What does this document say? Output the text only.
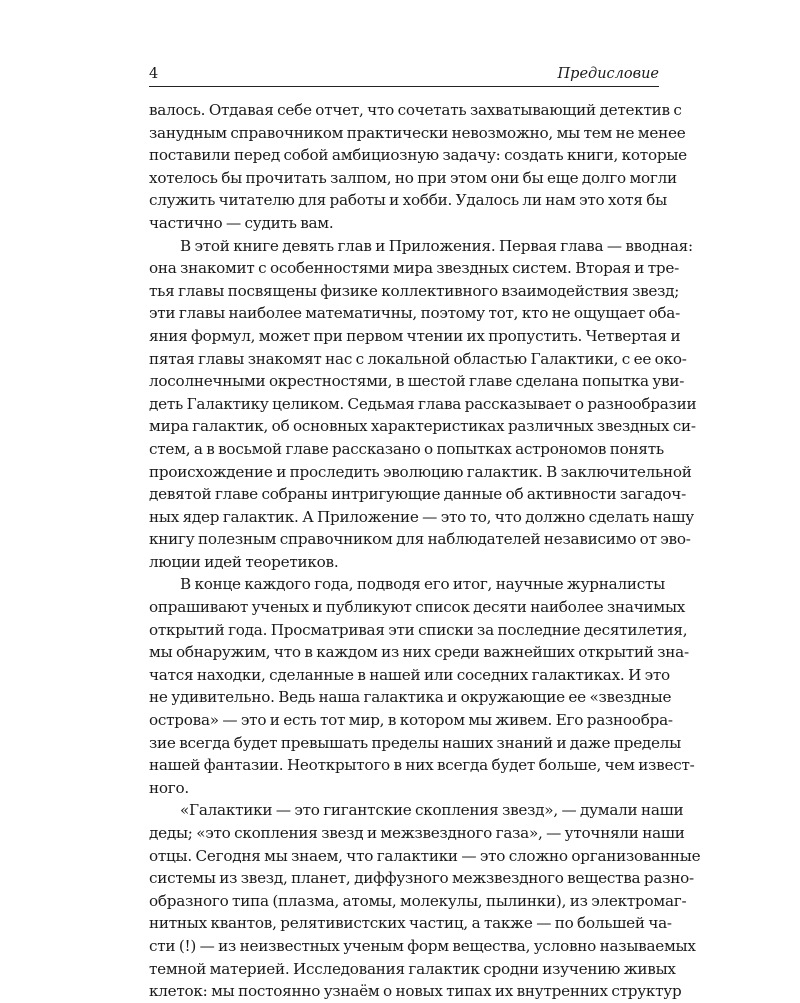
4	Предисловие
валось. Отдавая себе отчет, что сочетать захватывающий детектив с
занудным справочником практически невозможно, мы тем не менее
поставили перед собой амбициозную задачу: создать книги, которые
хотелось бы прочитать залпом, но при этом они бы еще долго могли
служить читателю для работы и хобби. Удалось ли нам это хотя бы
частично — судить вам.
В этой книге девять глав и Приложения. Первая глава — вводная:
она знакомит с особенностями мира звездных систем. Вторая и тре-
тья главы посвящены физике коллективного взаимодействия звезд;
эти главы наиболее математичны, поэтому тот, кто не ощущает оба-
яния формул, может при первом чтении их пропустить. Четвертая и
пятая главы знакомят нас с локальной областью Галактики, с ее око-
лосолнечными окрестностями, в шестой главе сделана попытка уви-
деть Галактику целиком. Седьмая глава рассказывает о разнообразии
мира галактик, об основных характеристиках различных звездных си-
стем, а в восьмой главе рассказано о попытках астрономов понять
происхождение и проследить эволюцию галактик. В заключительной
девятой главе собраны интригующие данные об активности загадоч-
ных ядер галактик. А Приложение — это то, что должно сделать нашу
книгу полезным справочником для наблюдателей независимо от эво-
люции идей теоретиков.
В конце каждого года, подводя его итог, научные журналисты
опрашивают ученых и публикуют список десяти наиболее значимых
открытий года. Просматривая эти списки за последние десятилетия,
мы обнаружим, что в каждом из них среди важнейших открытий зна-
чатся находки, сделанные в нашей или соседних галактиках. И это
не удивительно. Ведь наша галактика и окружающие ее «звездные
острова» — это и есть тот мир, в котором мы живем. Его разнообра-
зие всегда будет превышать пределы наших знаний и даже пределы
нашей фантазии. Неоткрытого в них всегда будет больше, чем извест-
ного.
«Галактики — это гигантские скопления звезд», — думали наши
деды; «это скопления звезд и межзвездного газа», — уточняли наши
отцы. Сегодня мы знаем, что галактики — это сложно организованные
системы из звезд, планет, диффузного межзвездного вещества разно-
образного типа (плазма, атомы, молекулы, пылинки), из электромаг-
нитных квантов, релятивистских частиц, а также — по большей ча-
сти (!) — из неизвестных ученым форм вещества, условно называемых
темной материей. Исследования галактик сродни изучению живых
клеток: мы постоянно узнаём о новых типах их внутренних структур
